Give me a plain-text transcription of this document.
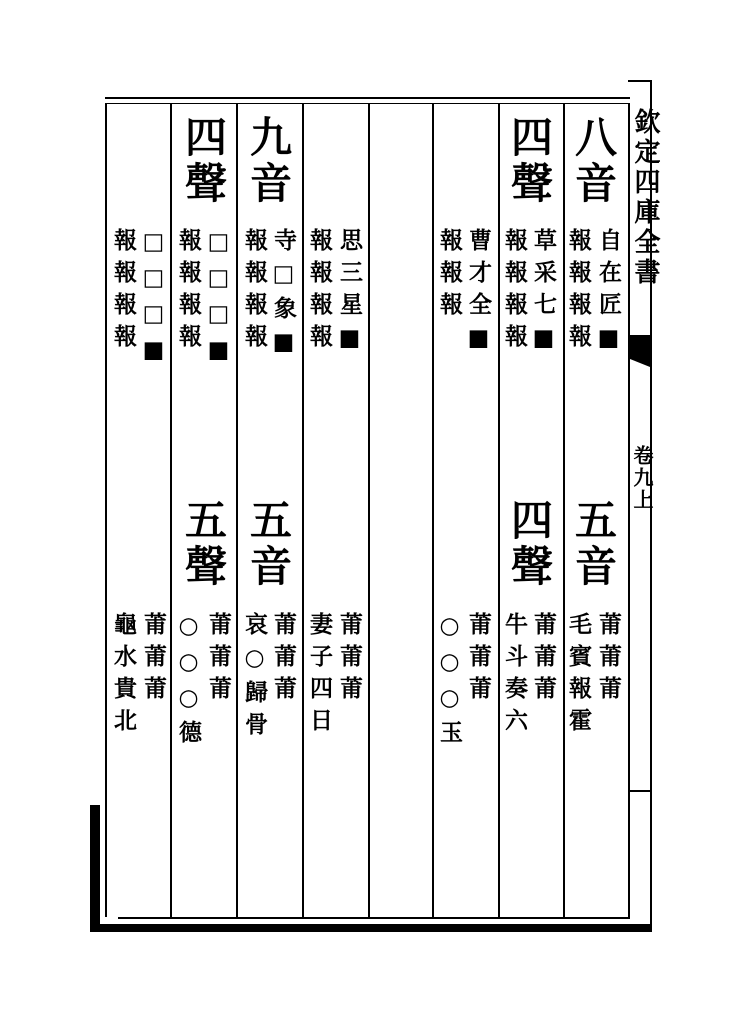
欽定四庫全書
卷九上
八音
自在匠■
報報報報
五音
莆莆莆
毛賓報霍
四聲
草采七■
報報報報
四聲
莆莆莆
牛斗奏六
曹才全■
報報報
莆莆莆
○○○玉
思三星■
報報報報
莆莆莆
妻子四日
九音
寺□象■
報報報報
五音
莆莆莆
哀○歸骨
四聲
□□□■
報報報報
五聲
莆莆莆
○○○德
□□□■
報報報報
莆莆莆
龜水貴北
